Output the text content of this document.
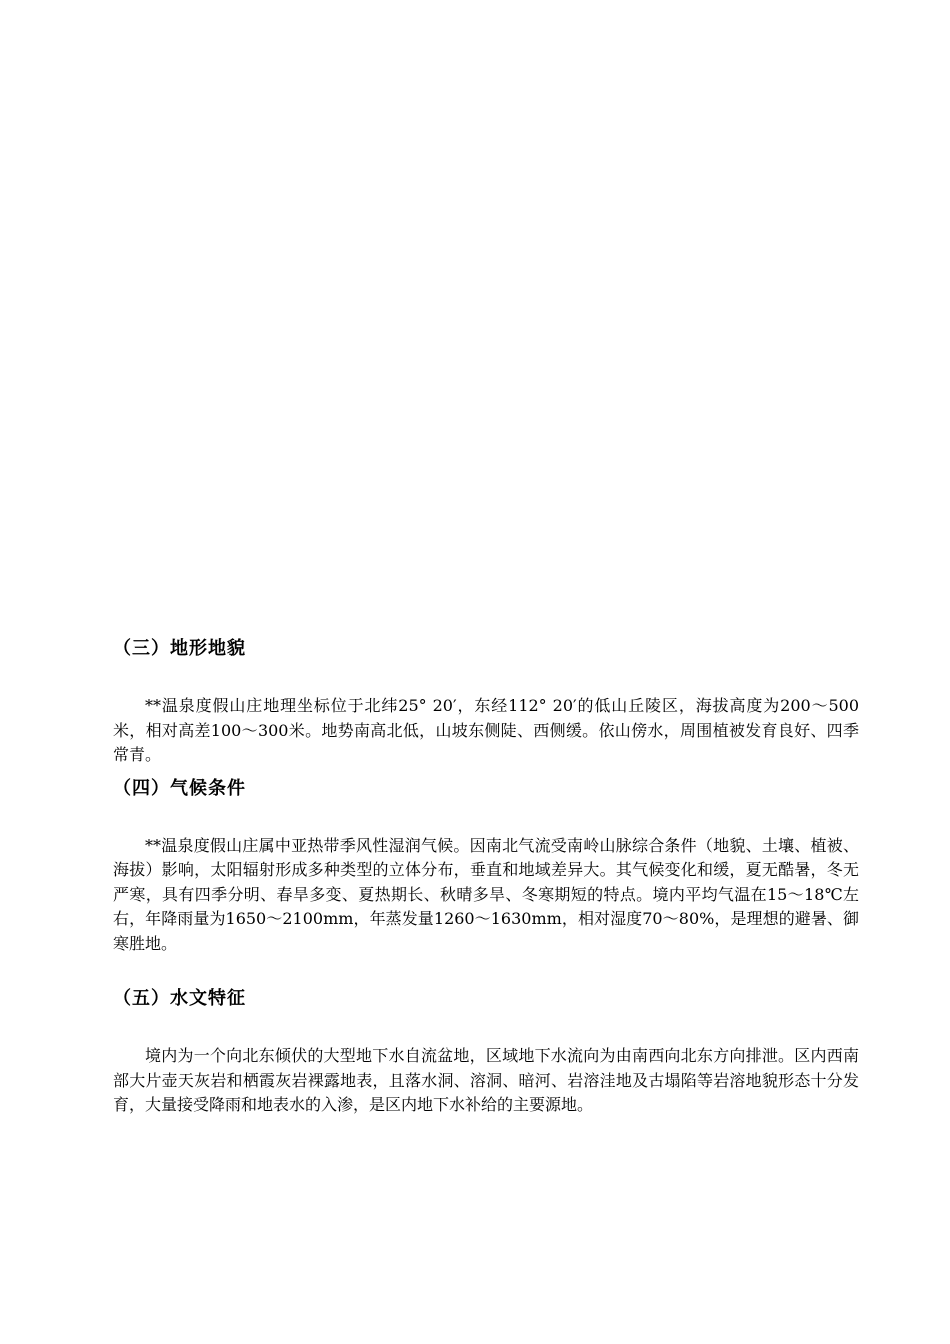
（三）地形地貌

**温泉度假山庄地理坐标位于北纬25° 20′，东经112° 20′的低山丘陵区，海拔高度为200～500米，相对高差100～300米。地势南高北低，山坡东侧陡、西侧缓。依山傍水，周围植被发育良好、四季常青。

（四）气候条件

**温泉度假山庄属中亚热带季风性湿润气候。因南北气流受南岭山脉综合条件（地貌、土壤、植被、海拔）影响，太阳辐射形成多种类型的立体分布，垂直和地域差异大。其气候变化和缓，夏无酷暑，冬无严寒，具有四季分明、春旱多变、夏热期长、秋晴多旱、冬寒期短的特点。境内平均气温在15～18℃左右，年降雨量为1650～2100mm，年蒸发量1260～1630mm，相对湿度70～80%，是理想的避暑、御寒胜地。

（五）水文特征

境内为一个向北东倾伏的大型地下水自流盆地，区域地下水流向为由南西向北东方向排泄。区内西南部大片壶天灰岩和栖霞灰岩裸露地表，且落水洞、溶洞、暗河、岩溶洼地及古塌陷等岩溶地貌形态十分发育，大量接受降雨和地表水的入渗，是区内地下水补给的主要源地。
